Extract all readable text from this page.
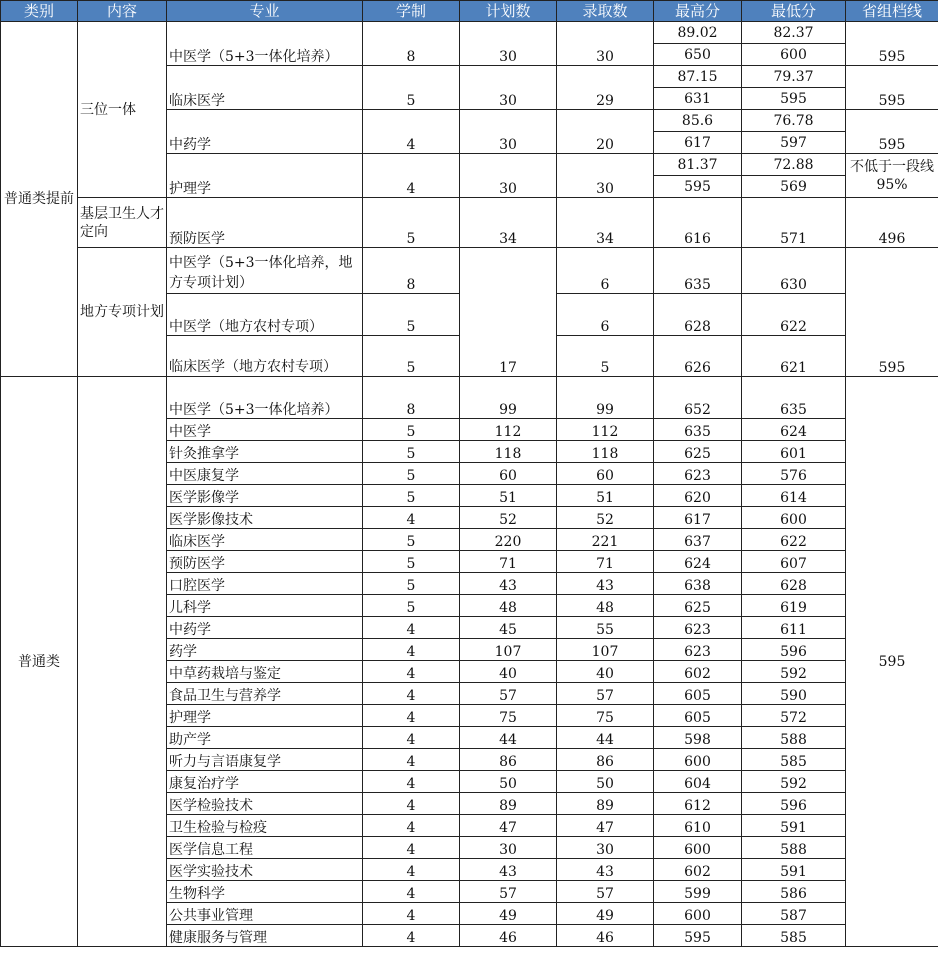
类别	内容	专业	学制	计划数	录取数	最高分	最低分	省组档线
普通类提前	三位一体	中医学（5+3一体化培养）	8	30	30	89.02	82.37	595
						650	600	
		临床医学	5	30	29	87.15	79.37	595
						631	595	
		中药学	4	30	20	85.6	76.78	595
						617	597	
		护理学	4	30	30	81.37	72.88	不低于一段线95%
						595	569	
	基层卫生人才定向	预防医学	5	34	34	616	571	496
	地方专项计划	中医学（5+3一体化培养，地方专项计划）	8	17	6	635	630	595
		中医学（地方农村专项）	5		6	628	622	
		临床医学（地方农村专项）	5		5	626	621	

普通类		中医学（5+3一体化培养）	8	99	99	652	635	595
		中医学	5	112	112	635	624	
		针灸推拿学	5	118	118	625	601	
		中医康复学	5	60	60	623	576	
		医学影像学	5	51	51	620	614	
		医学影像技术	4	52	52	617	600	
		临床医学	5	220	221	637	622	
		预防医学	5	71	71	624	607	
		口腔医学	5	43	43	638	628	
		儿科学	5	48	48	625	619	
		中药学	4	45	55	623	611	
		药学	4	107	107	623	596	
		中草药栽培与鉴定	4	40	40	602	592	
		食品卫生与营养学	4	57	57	605	590	
		护理学	4	75	75	605	572	
		助产学	4	44	44	598	588	
		听力与言语康复学	4	86	86	600	585	
		康复治疗学	4	50	50	604	592	
		医学检验技术	4	89	89	612	596	
		卫生检验与检疫	4	47	47	610	591	
		医学信息工程	4	30	30	600	588	
		医学实验技术	4	43	43	602	591	
		生物科学	4	57	57	599	586	
		公共事业管理	4	49	49	600	587	
		健康服务与管理	4	46	46	595	585	
